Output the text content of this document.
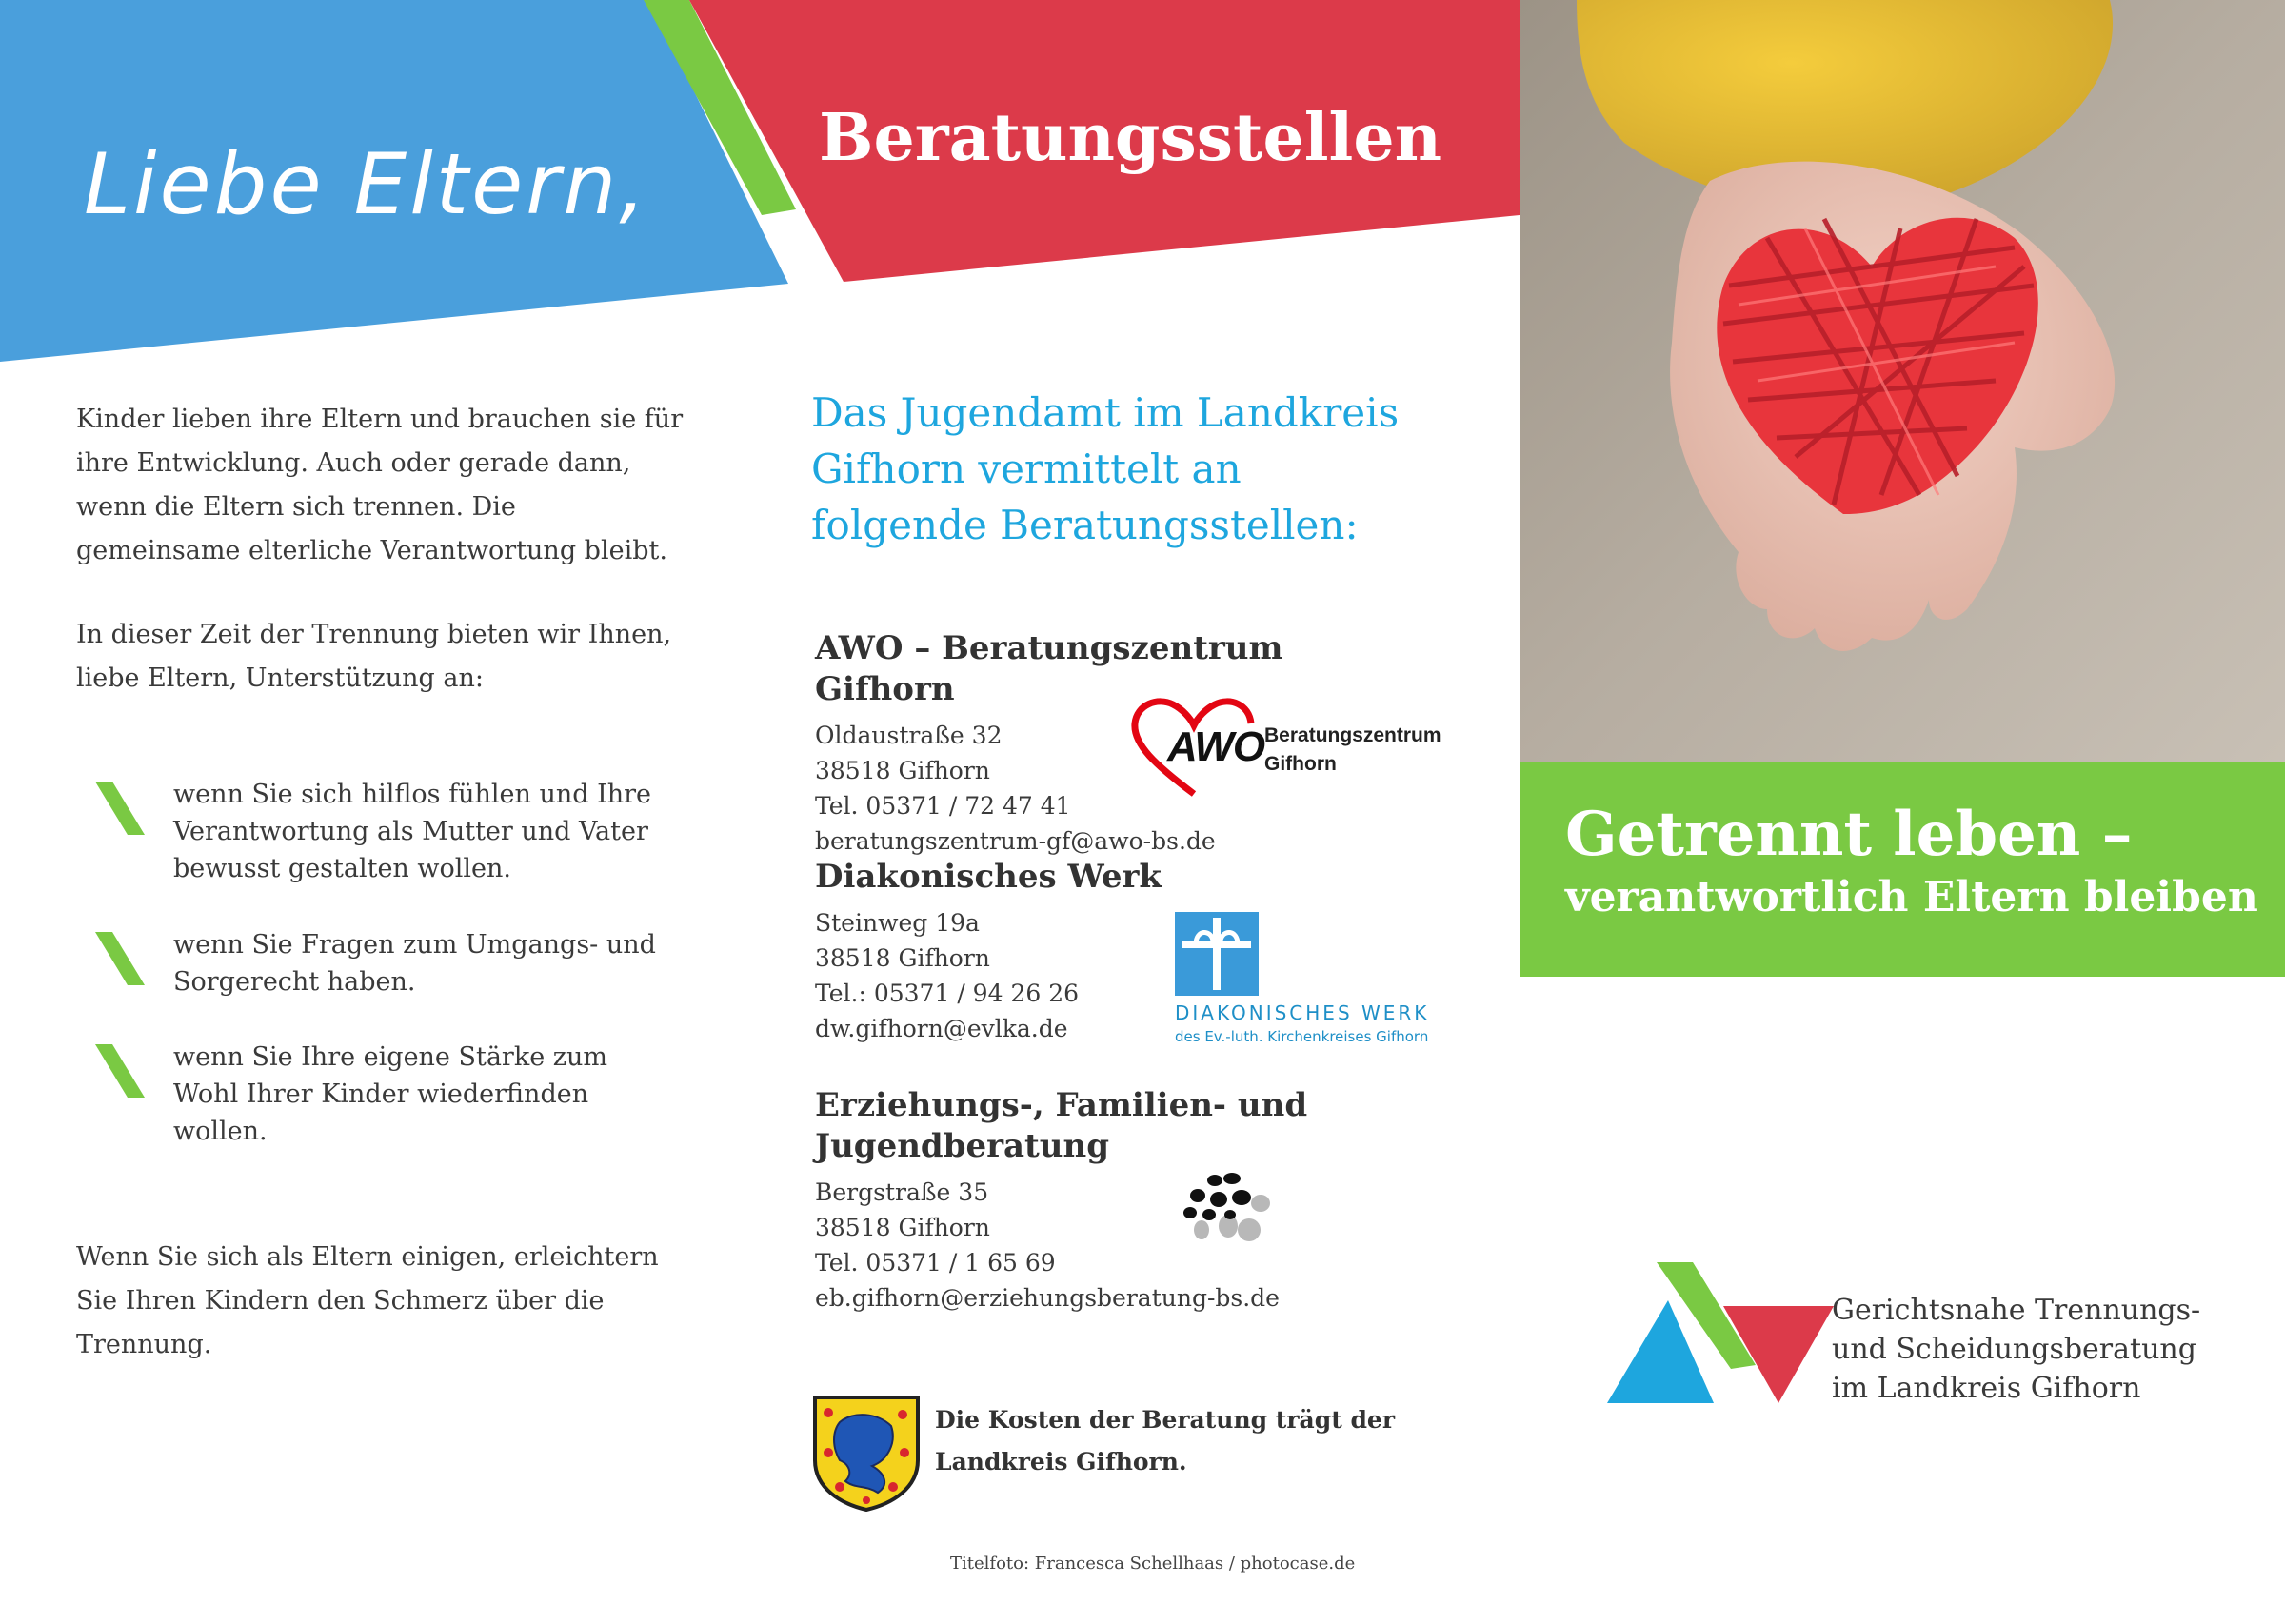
Liebe Eltern,	Beratungsstellen
Kinder lieben ihre Eltern und brauchen sie für ihre Entwicklung. Auch oder gerade dann, wenn die Eltern sich trennen. Die gemeinsame elterliche Verantwortung bleibt.
In dieser Zeit der Trennung bieten wir Ihnen, liebe Eltern, Unterstützung an:
wenn Sie sich hilflos fühlen und Ihre Verantwortung als Mutter und Vater bewusst gestalten wollen.
wenn Sie Fragen zum Umgangs- und Sorgerecht haben.
wenn Sie Ihre eigene Stärke zum Wohl Ihrer Kinder wiederfinden wollen.
Wenn Sie sich als Eltern einigen, erleichtern Sie Ihren Kindern den Schmerz über die Trennung.
Das Jugendamt im Landkreis Gifhorn vermittelt an folgende Beratungsstellen:
AWO – Beratungszentrum Gifhorn
Oldaustraße 32
38518 Gifhorn
Tel. 05371 / 72 47 41
beratungszentrum-gf@awo-bs.de
AWO Beratungszentrum
Gifhorn
Diakonisches Werk
Steinweg 19a
38518 Gifhorn
Tel.: 05371 / 94 26 26
dw.gifhorn@evlka.de
DIAKONISCHES WERK
des Ev.-luth. Kirchenkreises Gifhorn
Erziehungs-, Familien- und
Jugendberatung
Bergstraße 35
38518 Gifhorn
Tel. 05371 / 1 65 69
eb.gifhorn@erziehungsberatung-bs.de
Die Kosten der Beratung trägt der
Landkreis Gifhorn.
Titelfoto: Francesca Schellhaas / photocase.de
Getrennt leben –
verantwortlich Eltern bleiben
Gerichtsnahe Trennungs-
und Scheidungsberatung
im Landkreis Gifhorn
